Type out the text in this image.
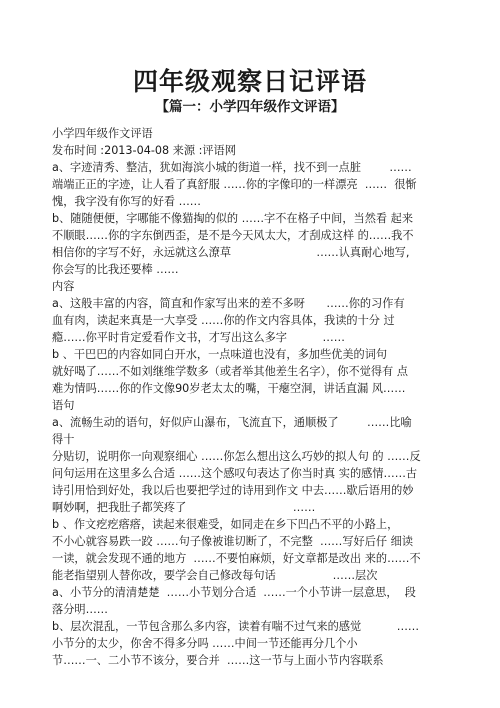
四年级观察日记评语
【篇一：小学四年级作文评语】
小学四年级作文评语
发布时间 :2013-04-08 来源 :评语网
a、字迹清秀、整洁，犹如海滨小城的街道一样，找不到一点脏        ……
端端正正的字迹，让人看了真舒服 ……你的字像印的一样漂亮  ……  很惭
愧，我字没有你写的好看 ……
b、随随便便，字哪能不像猫掏的似的 ……字不在格子中间，当然看 起来
不顺眼……你的字东倒西歪，是不是今天风太大，才刮成这样 的……我不
相信你的字写不好，永远就这么潦草                        ……认真耐心地写,
你会写的比我还要棒 ……
内容
a、这般丰富的内容，简直和作家写出来的差不多呀      ……你的习作有
血有肉，读起来真是一大享受 ……你的作文内容具体，我读的十分 过
瘾……你平时肯定爱看作文书，才写出这么多字          ……
b 、干巴巴的内容如同白开水，一点味道也没有，多加些优美的词句
就好喝了……不如刘继维学数多（或者举其他差生名字），你不觉得有 点
难为情吗……你的作文像90岁老太太的嘴，干瘪空洞，讲话直漏 风……
语句
a、流畅生动的语句，好似庐山瀑布，飞流直下，通顺极了        ……比喻
得十
分贴切，说明你一向观察细心 ……你怎么想出这么巧妙的拟人句 的 ……反
问句运用在这里多么合适 ……这个感叹句表达了你当时真 实的感情……古
诗引用恰到好处，我以后也要把学过的诗用到作文 中去……歇后语用的妙
啊妙啊，把我肚子都笑疼了                              ……
b 、作文疙疙瘩瘩，读起来很难受，如同走在乡下凹凸不平的小路上，
不小心就容易跌一跤 ……句子像被谁切断了，不完整  ……写好后仔 细读
一读，就会发现不通的地方  ……不要怕麻烦，好文章都是改出 来的……不
能老指望别人替你改，要学会自己修改每句话                ……层次
a、小节分的清清楚楚  ……小节划分合适  ……一个小节讲一层意思，  段
落分明……
b、层次混乱，一节包含那么多内容，读着有喘不过气来的感觉          ……
小节分的太少，你舍不得多分吗 ……中间一节还能再分几个小
节……一、二小节不该分，要合并  ……这一节与上面小节内容联系
